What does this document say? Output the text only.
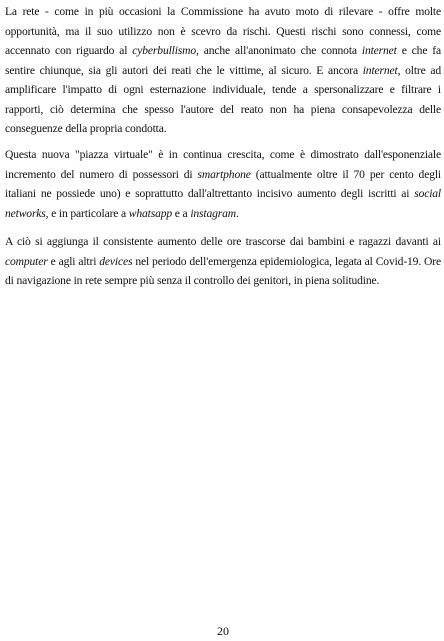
La rete - come in più occasioni la Commissione ha avuto moto di rilevare - offre molte opportunità, ma il suo utilizzo non è scevro da rischi. Questi rischi sono connessi, come accennato con riguardo al cyberbullismo, anche all'anonimato che connota internet e che fa sentire chiunque, sia gli autori dei reati che le vittime, al sicuro. E ancora internet, oltre ad amplificare l'impatto di ogni esternazione individuale, tende a spersonalizzare e filtrare i rapporti, ciò determina che spesso l'autore del reato non ha piena consapevolezza delle conseguenze della propria condotta.

Questa nuova "piazza virtuale" è in continua crescita, come è dimostrato dall'esponenziale incremento del numero di possessori di smartphone (attualmente oltre il 70 per cento degli italiani ne possiede uno) e soprattutto dall'altrettanto incisivo aumento degli iscritti ai social networks, e in particolare a whatsapp e a instagram.

A ciò si aggiunga il consistente aumento delle ore trascorse dai bambini e ragazzi davanti ai computer e agli altri devices nel periodo dell'emergenza epidemiologica, legata al Covid-19. Ore di navigazione in rete sempre più senza il controllo dei genitori, in piena solitudine.

20
